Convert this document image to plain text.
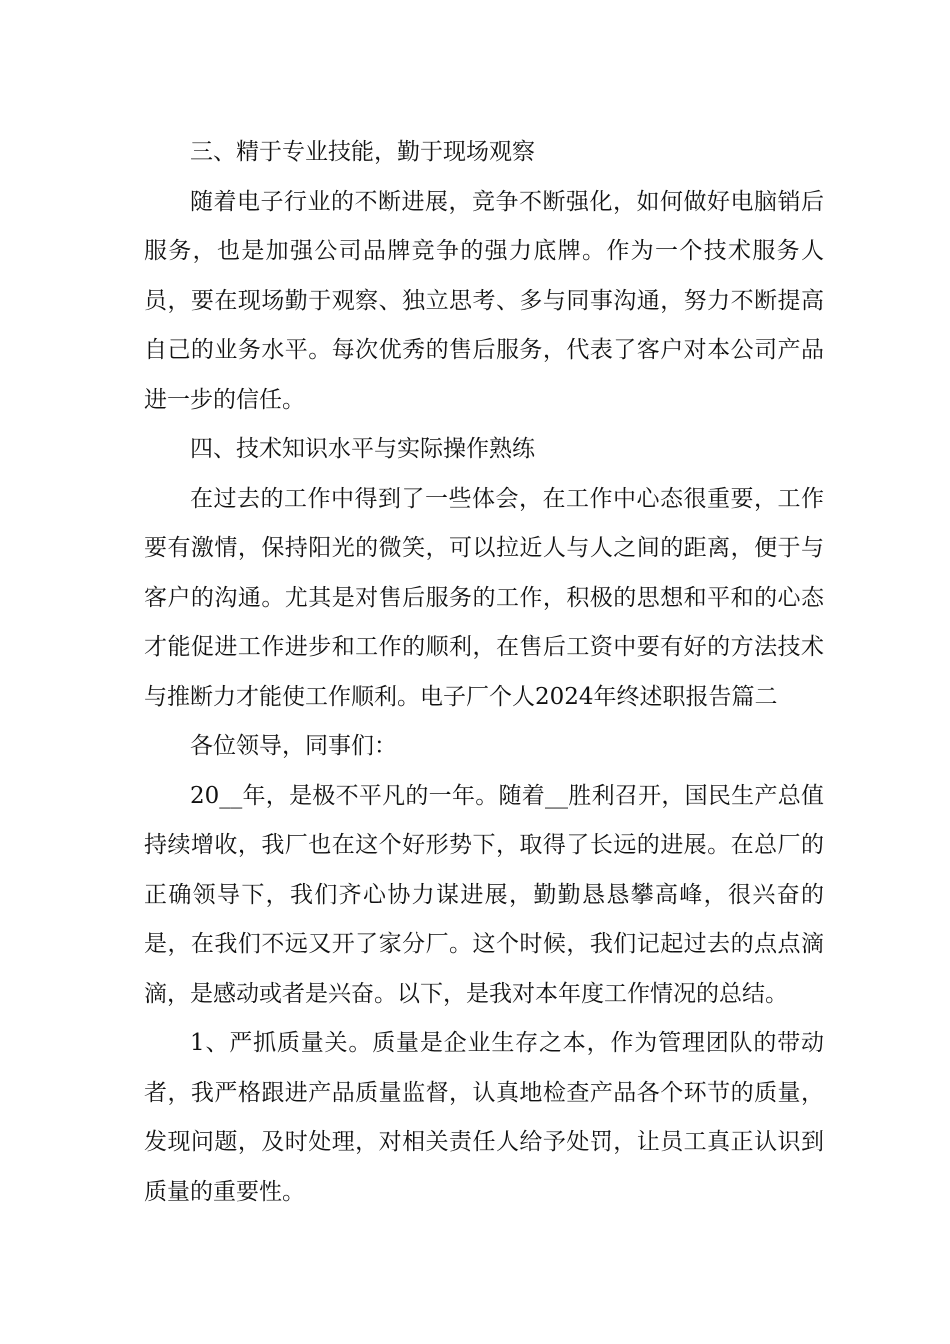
三、精于专业技能，勤于现场观察

随着电子行业的不断进展，竞争不断强化，如何做好电脑销后服务，也是加强公司品牌竞争的强力底牌。作为一个技术服务人员，要在现场勤于观察、独立思考、多与同事沟通，努力不断提高自己的业务水平。每次优秀的售后服务，代表了客户对本公司产品进一步的信任。

四、技术知识水平与实际操作熟练

在过去的工作中得到了一些体会，在工作中心态很重要，工作要有激情，保持阳光的微笑，可以拉近人与人之间的距离，便于与客户的沟通。尤其是对售后服务的工作，积极的思想和平和的心态才能促进工作进步和工作的顺利，在售后工资中要有好的方法技术与推断力才能使工作顺利。电子厂个人2024年终述职报告篇二

各位领导，同事们：

20__年，是极不平凡的一年。随着__胜利召开，国民生产总值持续增收，我厂也在这个好形势下，取得了长远的进展。在总厂的正确领导下，我们齐心协力谋进展，勤勤恳恳攀高峰，很兴奋的是，在我们不远又开了家分厂。这个时候，我们记起过去的点点滴滴，是感动或者是兴奋。以下，是我对本年度工作情况的总结。

1、严抓质量关。质量是企业生存之本，作为管理团队的带动者，我严格跟进产品质量监督，认真地检查产品各个环节的质量，发现问题，及时处理，对相关责任人给予处罚，让员工真正认识到质量的重要性。
